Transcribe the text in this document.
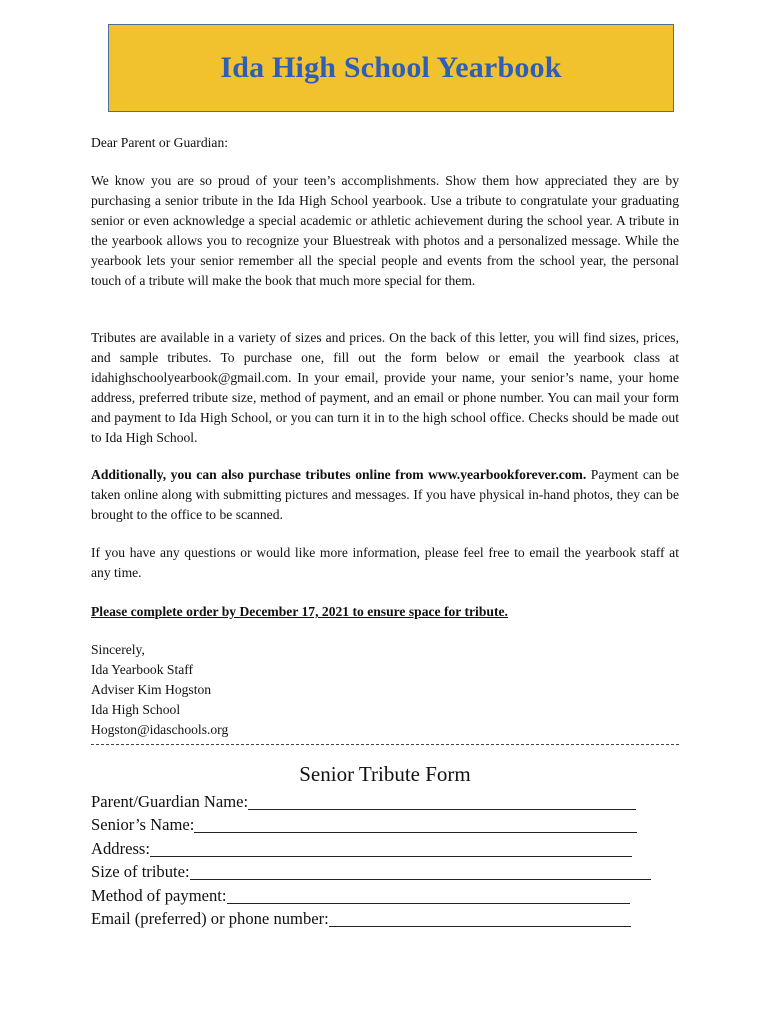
Ida High School Yearbook
Dear Parent or Guardian:
We know you are so proud of your teen’s accomplishments. Show them how appreciated they are by purchasing a senior tribute in the Ida High School yearbook. Use a tribute to congratulate your graduating senior or even acknowledge a special academic or athletic achievement during the school year. A tribute in the yearbook allows you to recognize your Bluestreak with photos and a personalized message. While the yearbook lets your senior remember all the special people and events from the school year, the personal touch of a tribute will make the book that much more special for them.
Tributes are available in a variety of sizes and prices. On the back of this letter, you will find sizes, prices, and sample tributes. To purchase one, fill out the form below or email the yearbook class at idahighschoolyearbook@gmail.com. In your email, provide your name, your senior’s name, your home address, preferred tribute size, method of payment, and an email or phone number. You can mail your form and payment to Ida High School, or you can turn it in to the high school office. Checks should be made out to Ida High School.
Additionally, you can also purchase tributes online from www.yearbookforever.com. Payment can be taken online along with submitting pictures and messages. If you have physical in-hand photos, they can be brought to the office to be scanned.
If you have any questions or would like more information, please feel free to email the yearbook staff at any time.
Please complete order by December 17, 2021 to ensure space for tribute.
Sincerely,
Ida Yearbook Staff
Adviser Kim Hogston
Ida High School
Hogston@idaschools.org
Senior Tribute Form
Parent/Guardian Name:
Senior’s Name:
Address:
Size of tribute:
Method of payment:
Email (preferred) or phone number:
